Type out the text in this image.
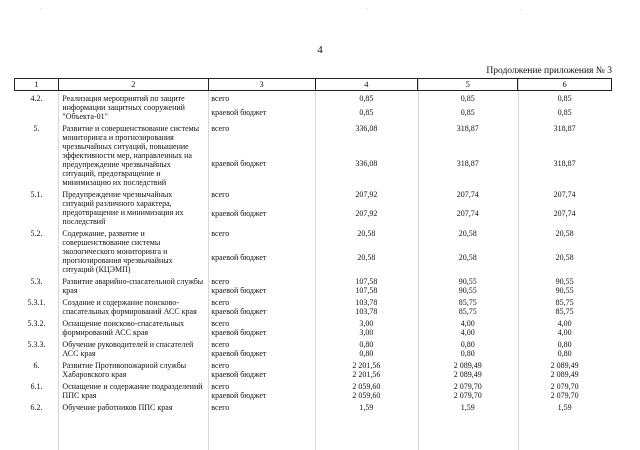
·	·	·
4
Продолжение приложения № 3
1	2	3	4	5	6
4.2.	Реализация мероприятий по защите информации защитных сооружений "Объекта-01"	всего	0,85	0,85	0,85
		краевой бюджет	0,85	0,85	0,85
5.	Развитие и совершенствование системы мониторинга и прогнозирования чрезвычайных ситуаций, повышение эффективности мер, направленных на предупреждение чрезвычайных ситуаций, предотвращение и минимизацию их последствий	всего	336,08	318,87	318,87
		краевой бюджет	336,08	318,87	318,87
5.1.	Предупреждение чрезвычайных ситуаций различного характера, предотвращение и минимизация их последствий	всего	207,92	207,74	207,74
		краевой бюджет	207,92	207,74	207,74
5.2.	Содержание, развитие и совершенствование системы экологического мониторинга и прогнозирования чрезвычайных ситуаций (КЦЭМП)	всего	20,58	20,58	20,58
		краевой бюджет	20,58	20,58	20,58
5.3.	Развитие аварийно-спасательной службы края	всего	107,58	90,55	90,55
		краевой бюджет	107,58	90,55	90,55
5.3.1.	Создание и содержание поисково-спасательных формирований АСС края	всего	103,78	85,75	85,75
		краевой бюджет	103,78	85,75	85,75
5.3.2.	Оснащение поисково-спасательных формирований АСС края	всего	3,00	4,00	4,00
		краевой бюджет	3,00	4,00	4,00
5.3.3.	Обучение руководителей и спасателей АСС края	всего	0,80	0,80	0,80
		краевой бюджет	0,80	0,80	0,80
6.	Развитие Противопожарной службы Хабаровского края	всего	2 201,56	2 089,49	2 089,49
		краевой бюджет	2 201,56	2 089,49	2 089,49
6.1.	Оснащение и содержание подразделений ППС края	всего	2 059,60	2 079,70	2 079,70
		краевой бюджет	2 059,60	2 079,70	2 079,70
6.2.	Обучение работников ППС края	всего	1,59	1,59	1,59
